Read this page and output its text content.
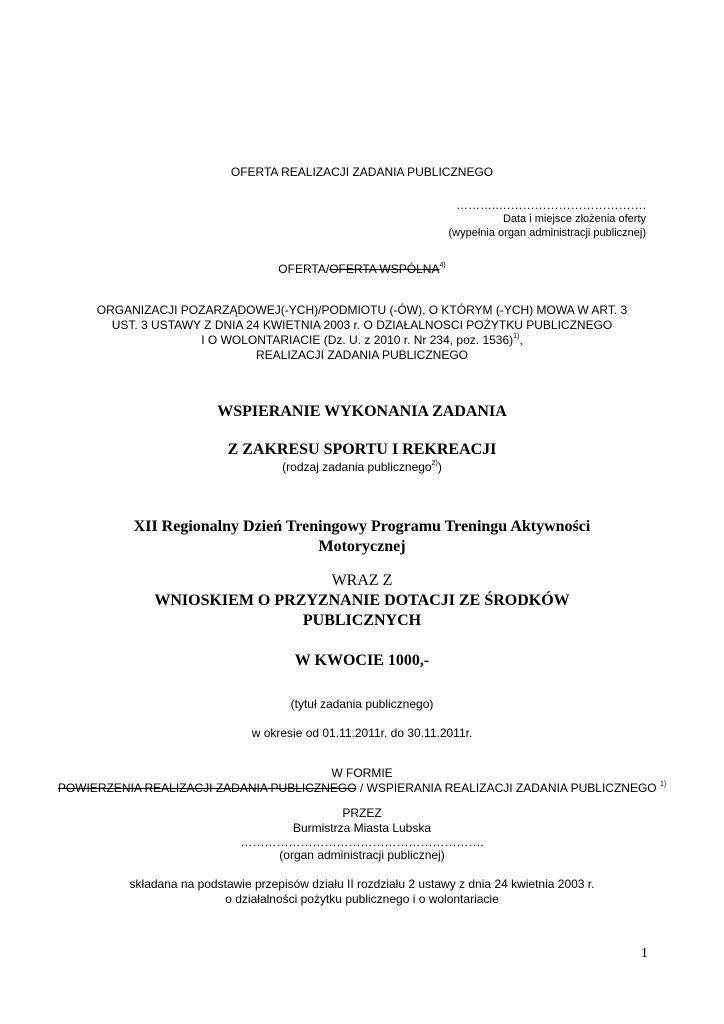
OFERTA REALIZACJI ZADANIA PUBLICZNEGO
………..……………………………….
Data i miejsce złożenia oferty
(wypełnia organ administracji publicznej)
OFERTA/OFERTA WSPÓLNA$^{4)}$
ORGANIZACJI POZARZĄDOWEJ(-YCH)/PODMIOTU (-ÓW), O KTÓRYM (-YCH) MOWA W ART. 3
UST. 3 USTAWY Z DNIA 24 KWIETNIA 2003 r. O DZIAŁALNOSCI POŻYTKU PUBLICZNEGO
I O WOLONTARIACIE (Dz. U. z 2010 r. Nr 234, poz. 1536)$^{1)}$,
REALIZACJI ZADANIA PUBLICZNEGO
WSPIERANIE WYKONANIA ZADANIA
Z ZAKRESU SPORTU I REKREACJI
(rodzaj zadania publicznego$^{2)}$)
XII Regionalny Dzień Treningowy Programu Treningu Aktywności
Motorycznej
WRAZ Z
WNIOSKIEM O PRZYZNANIE DOTACJI ZE ŚRODKÓW
PUBLICZNYCH
W KWOCIE 1000,-
(tytuł zadania publicznego)
w okresie od 01.11.2011r. do 30.11.2011r.
W FORMIE
POWIERZENIA REALIZACJI ZADANIA PUBLICZNEGO / WSPIERANIA REALIZACJI ZADANIA PUBLICZNEGO $^{1)}$
PRZEZ
Burmistrza Miasta Lubska
…………………………………………………….
(organ administracji publicznej)
składana na podstawie przepisów działu II rozdziału 2 ustawy z dnia 24 kwietnia 2003 r.
o działalności pożytku publicznego i o wolontariacie
1
